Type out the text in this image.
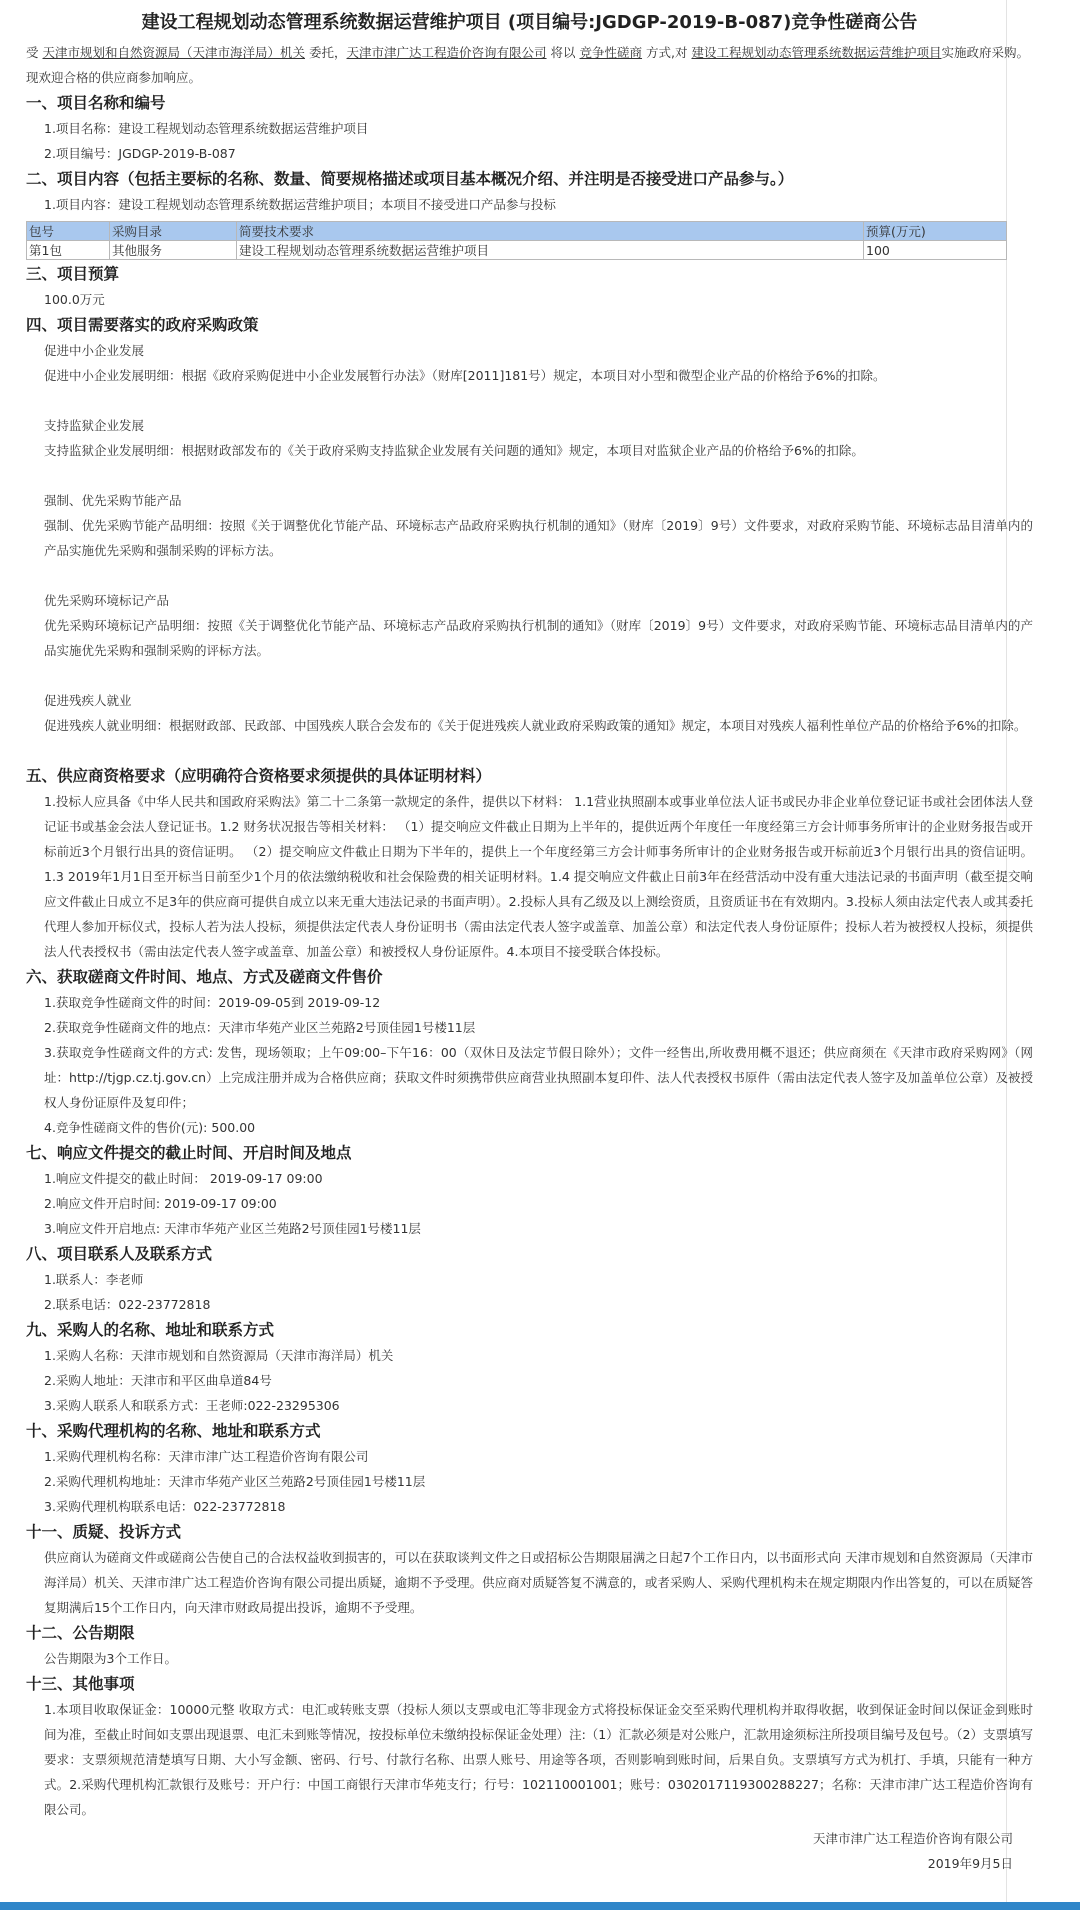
建设工程规划动态管理系统数据运营维护项目 (项目编号:JGDGP-2019-B-087)竞争性磋商公告
受 天津市规划和自然资源局（天津市海洋局）机关 委托，天津市津广达工程造价咨询有限公司 将以 竞争性磋商 方式,对 建设工程规划动态管理系统数据运营维护项目实施政府采购。现欢迎合格的供应商参加响应。
一、项目名称和编号
1.项目名称：建设工程规划动态管理系统数据运营维护项目
2.项目编号：JGDGP-2019-B-087
二、项目内容（包括主要标的名称、数量、简要规格描述或项目基本概况介绍、并注明是否接受进口产品参与。）
1.项目内容：建设工程规划动态管理系统数据运营维护项目；本项目不接受进口产品参与投标
包号	采购目录	简要技术要求	预算(万元)
第1包	其他服务	建设工程规划动态管理系统数据运营维护项目	100
三、项目预算
100.0万元
四、项目需要落实的政府采购政策
促进中小企业发展
促进中小企业发展明细：根据《政府采购促进中小企业发展暂行办法》（财库[2011]181号）规定，本项目对小型和微型企业产品的价格给予6%的扣除。
支持监狱企业发展
支持监狱企业发展明细：根据财政部发布的《关于政府采购支持监狱企业发展有关问题的通知》规定，本项目对监狱企业产品的价格给予6%的扣除。
强制、优先采购节能产品
强制、优先采购节能产品明细：按照《关于调整优化节能产品、环境标志产品政府采购执行机制的通知》（财库〔2019〕9号）文件要求，对政府采购节能、环境标志品目清单内的产品实施优先采购和强制采购的评标方法。
优先采购环境标记产品
优先采购环境标记产品明细：按照《关于调整优化节能产品、环境标志产品政府采购执行机制的通知》（财库〔2019〕9号）文件要求，对政府采购节能、环境标志品目清单内的产品实施优先采购和强制采购的评标方法。
促进残疾人就业
促进残疾人就业明细：根据财政部、民政部、中国残疾人联合会发布的《关于促进残疾人就业政府采购政策的通知》规定，本项目对残疾人福利性单位产品的价格给予6%的扣除。
五、供应商资格要求（应明确符合资格要求须提供的具体证明材料）
1.投标人应具备《中华人民共和国政府采购法》第二十二条第一款规定的条件，提供以下材料： 1.1营业执照副本或事业单位法人证书或民办非企业单位登记证书或社会团体法人登记证书或基金会法人登记证书。1.2 财务状况报告等相关材料： （1）提交响应文件截止日期为上半年的，提供近两个年度任一年度经第三方会计师事务所审计的企业财务报告或开标前近3个月银行出具的资信证明。 （2）提交响应文件截止日期为下半年的，提供上一个年度经第三方会计师事务所审计的企业财务报告或开标前近3个月银行出具的资信证明。1.3 2019年1月1日至开标当日前至少1个月的依法缴纳税收和社会保险费的相关证明材料。1.4 提交响应文件截止日前3年在经营活动中没有重大违法记录的书面声明（截至提交响应文件截止日成立不足3年的供应商可提供自成立以来无重大违法记录的书面声明）。2.投标人具有乙级及以上测绘资质，且资质证书在有效期内。3.投标人须由法定代表人或其委托代理人参加开标仪式，投标人若为法人投标，须提供法定代表人身份证明书（需由法定代表人签字或盖章、加盖公章）和法定代表人身份证原件；投标人若为被授权人投标，须提供法人代表授权书（需由法定代表人签字或盖章、加盖公章）和被授权人身份证原件。4.本项目不接受联合体投标。
六、获取磋商文件时间、地点、方式及磋商文件售价
1.获取竞争性磋商文件的时间：2019-09-05到 2019-09-12
2.获取竞争性磋商文件的地点：天津市华苑产业区兰苑路2号顶佳园1号楼11层
3.获取竞争性磋商文件的方式: 发售，现场领取；上午09:00–下午16：00（双休日及法定节假日除外）；文件一经售出,所收费用概不退还；供应商须在《天津市政府采购网》（网址：http://tjgp.cz.tj.gov.cn）上完成注册并成为合格供应商；获取文件时须携带供应商营业执照副本复印件、法人代表授权书原件（需由法定代表人签字及加盖单位公章）及被授权人身份证原件及复印件；
4.竞争性磋商文件的售价(元): 500.00
七、响应文件提交的截止时间、开启时间及地点
1.响应文件提交的截止时间： 2019-09-17 09:00
2.响应文件开启时间: 2019-09-17 09:00
3.响应文件开启地点: 天津市华苑产业区兰苑路2号顶佳园1号楼11层
八、项目联系人及联系方式
1.联系人：李老师
2.联系电话：022-23772818
九、采购人的名称、地址和联系方式
1.采购人名称：天津市规划和自然资源局（天津市海洋局）机关
2.采购人地址：天津市和平区曲阜道84号
3.采购人联系人和联系方式：王老师:022-23295306
十、采购代理机构的名称、地址和联系方式
1.采购代理机构名称：天津市津广达工程造价咨询有限公司
2.采购代理机构地址：天津市华苑产业区兰苑路2号顶佳园1号楼11层
3.采购代理机构联系电话：022-23772818
十一、质疑、投诉方式
供应商认为磋商文件或磋商公告使自己的合法权益收到损害的，可以在获取谈判文件之日或招标公告期限届满之日起7个工作日内，以书面形式向 天津市规划和自然资源局（天津市海洋局）机关、天津市津广达工程造价咨询有限公司提出质疑，逾期不予受理。供应商对质疑答复不满意的，或者采购人、采购代理机构未在规定期限内作出答复的，可以在质疑答复期满后15个工作日内，向天津市财政局提出投诉，逾期不予受理。
十二、公告期限
公告期限为3个工作日。
十三、其他事项
1.本项目收取保证金：10000元整 收取方式：电汇或转账支票（投标人须以支票或电汇等非现金方式将投标保证金交至采购代理机构并取得收据，收到保证金时间以保证金到账时间为准，至截止时间如支票出现退票、电汇未到账等情况，按投标单位未缴纳投标保证金处理）注:（1）汇款必须是对公账户，汇款用途须标注所投项目编号及包号。（2）支票填写要求：支票须规范清楚填写日期、大小写金额、密码、行号、付款行名称、出票人账号、用途等各项，否则影响到账时间，后果自负。支票填写方式为机打、手填，只能有一种方式。2.采购代理机构汇款银行及账号：开户行：中国工商银行天津市华苑支行；行号：102110001001；账号：0302017119300288227；名称：天津市津广达工程造价咨询有限公司。
天津市津广达工程造价咨询有限公司
2019年9月5日
